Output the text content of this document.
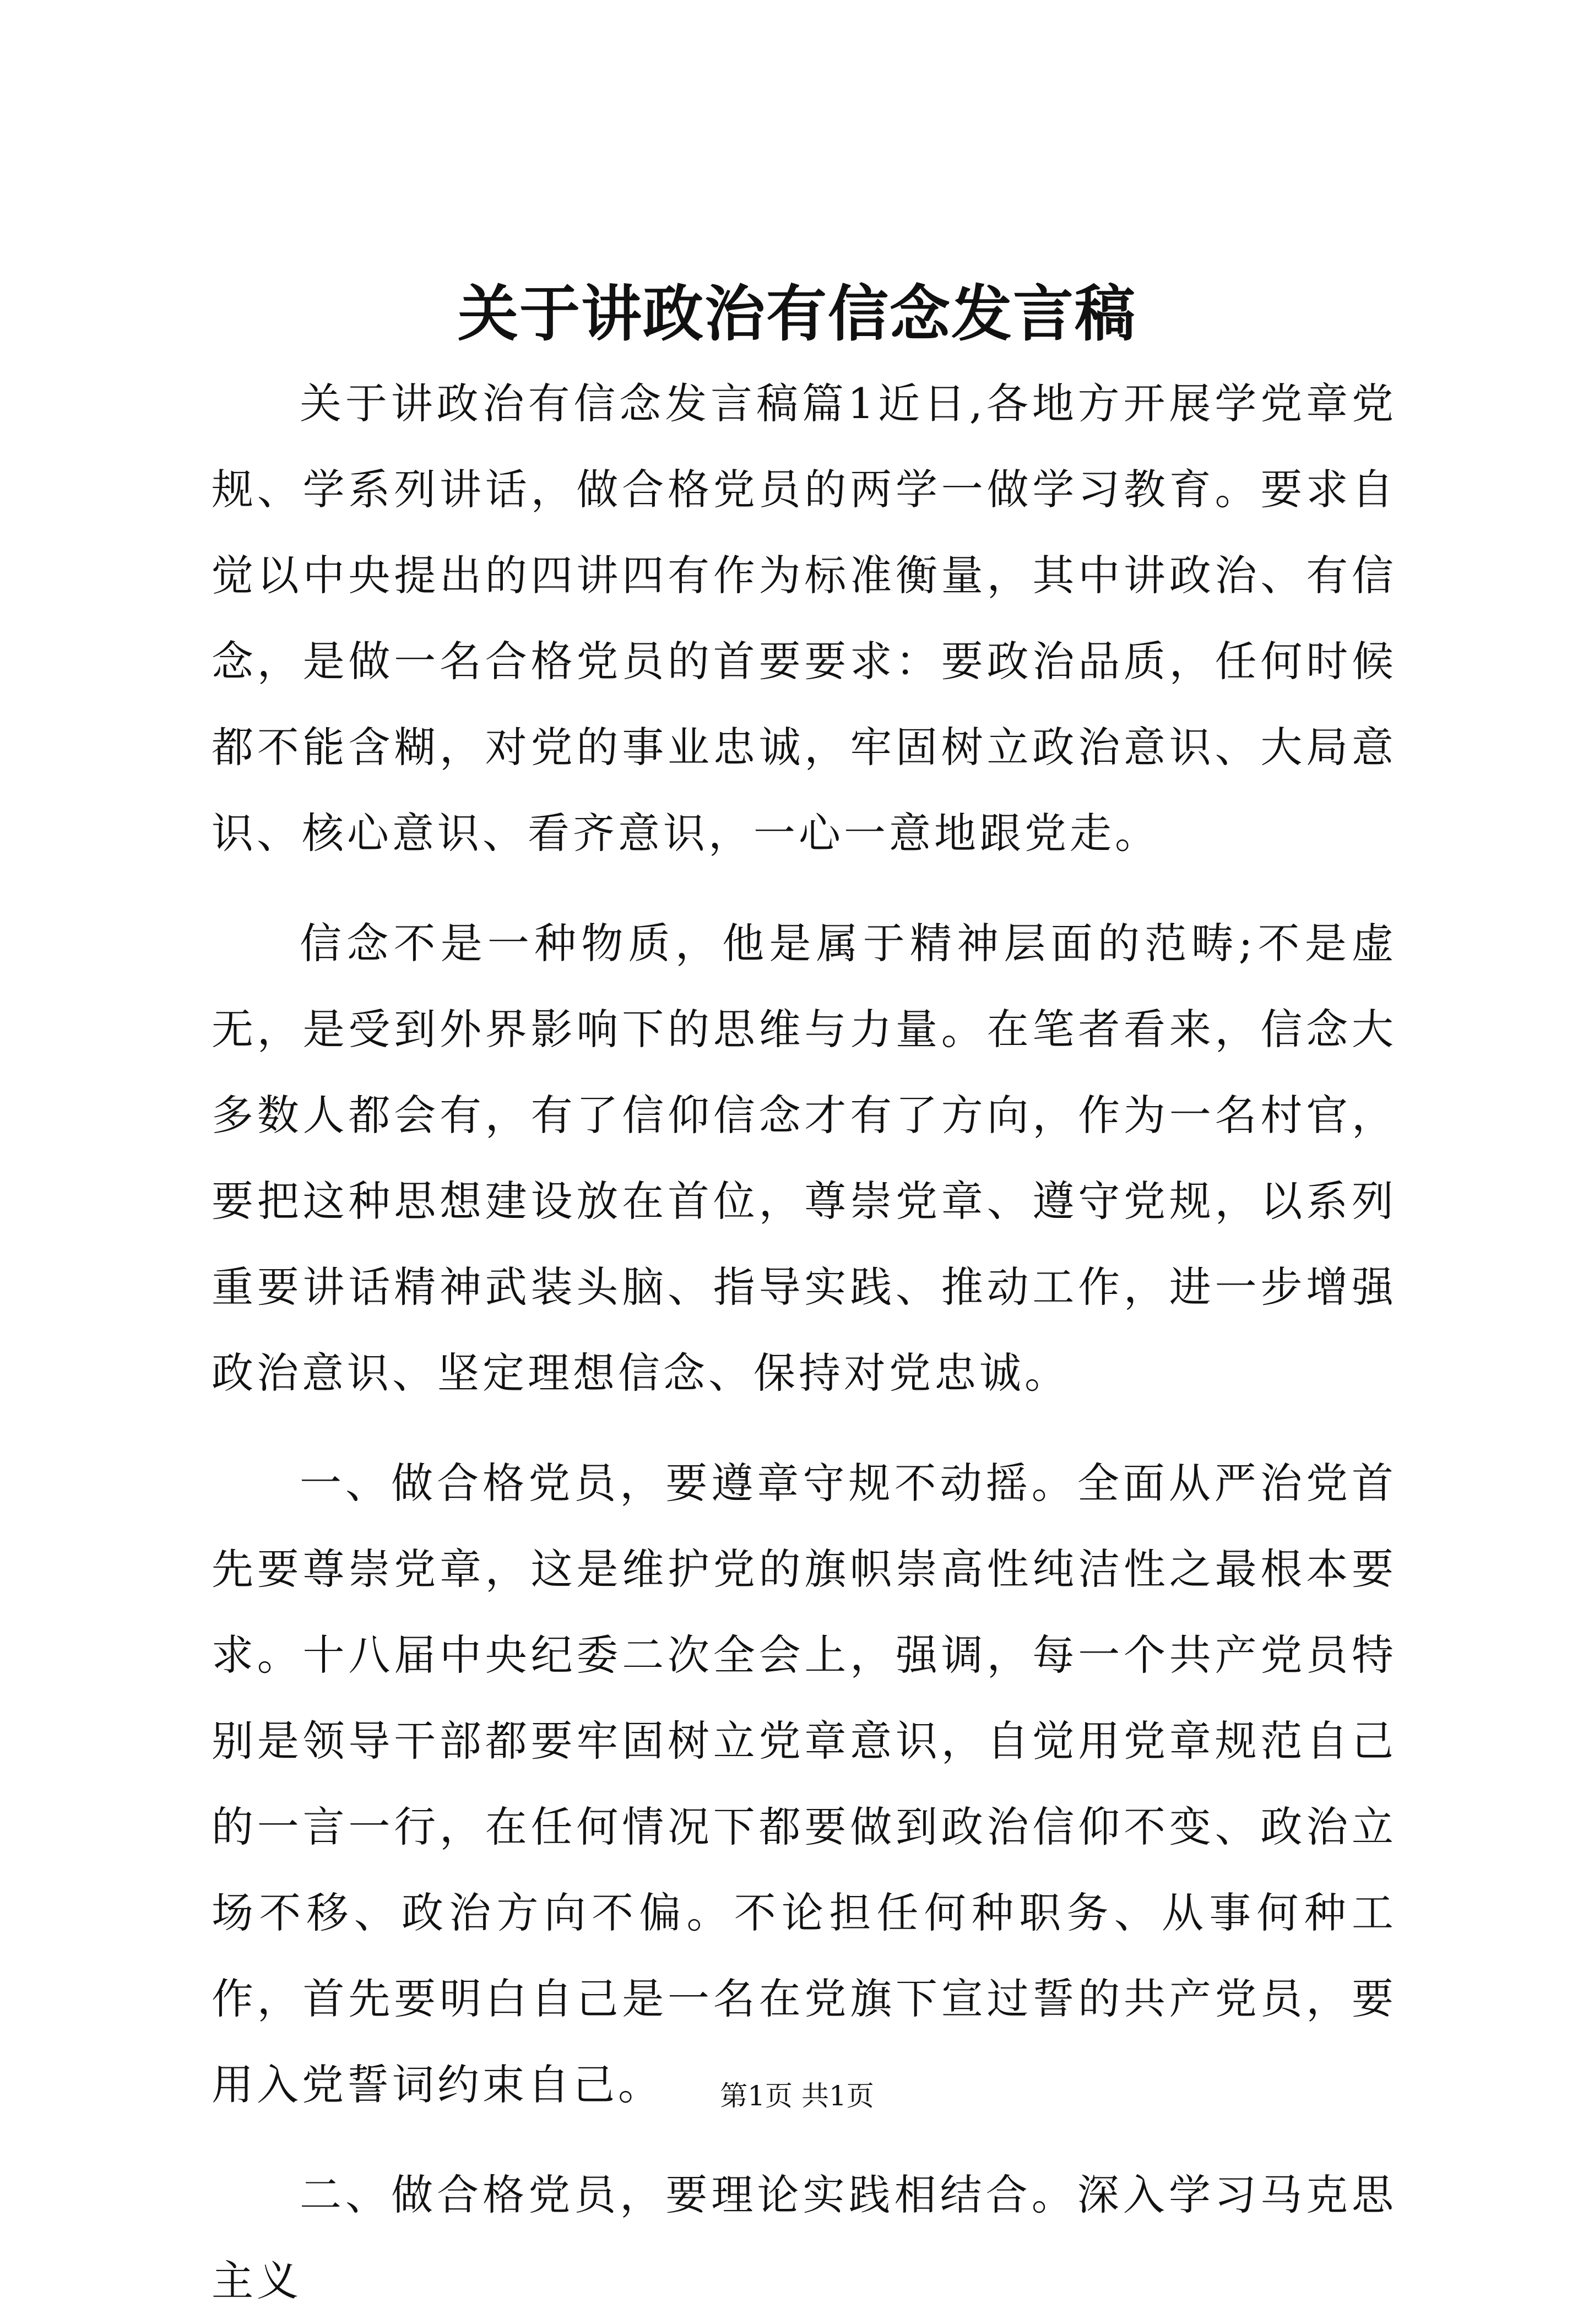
关于讲政治有信念发言稿

关于讲政治有信念发言稿篇1近日,各地方开展学党章党规、学系列讲话，做合格党员的两学一做学习教育。要求自觉以中央提出的四讲四有作为标准衡量，其中讲政治、有信念，是做一名合格党员的首要要求：要政治品质，任何时候都不能含糊，对党的事业忠诚，牢固树立政治意识、大局意识、核心意识、看齐意识，一心一意地跟党走。

信念不是一种物质，他是属于精神层面的范畴;不是虚无，是受到外界影响下的思维与力量。在笔者看来，信念大多数人都会有，有了信仰信念才有了方向，作为一名村官，要把这种思想建设放在首位，尊崇党章、遵守党规，以系列重要讲话精神武装头脑、指导实践、推动工作，进一步增强政治意识、坚定理想信念、保持对党忠诚。

一、做合格党员，要遵章守规不动摇。全面从严治党首先要尊崇党章，这是维护党的旗帜崇高性纯洁性之最根本要求。十八届中央纪委二次全会上，强调，每一个共产党员特别是领导干部都要牢固树立党章意识，自觉用党章规范自己的一言一行，在任何情况下都要做到政治信仰不变、政治立场不移、政治方向不偏。不论担任何种职务、从事何种工作，首先要明白自己是一名在党旗下宣过誓的共产党员，要用入党誓词约束自己。

二、做合格党员，要理论实践相结合。深入学习马克思主义

第1页 共1页
